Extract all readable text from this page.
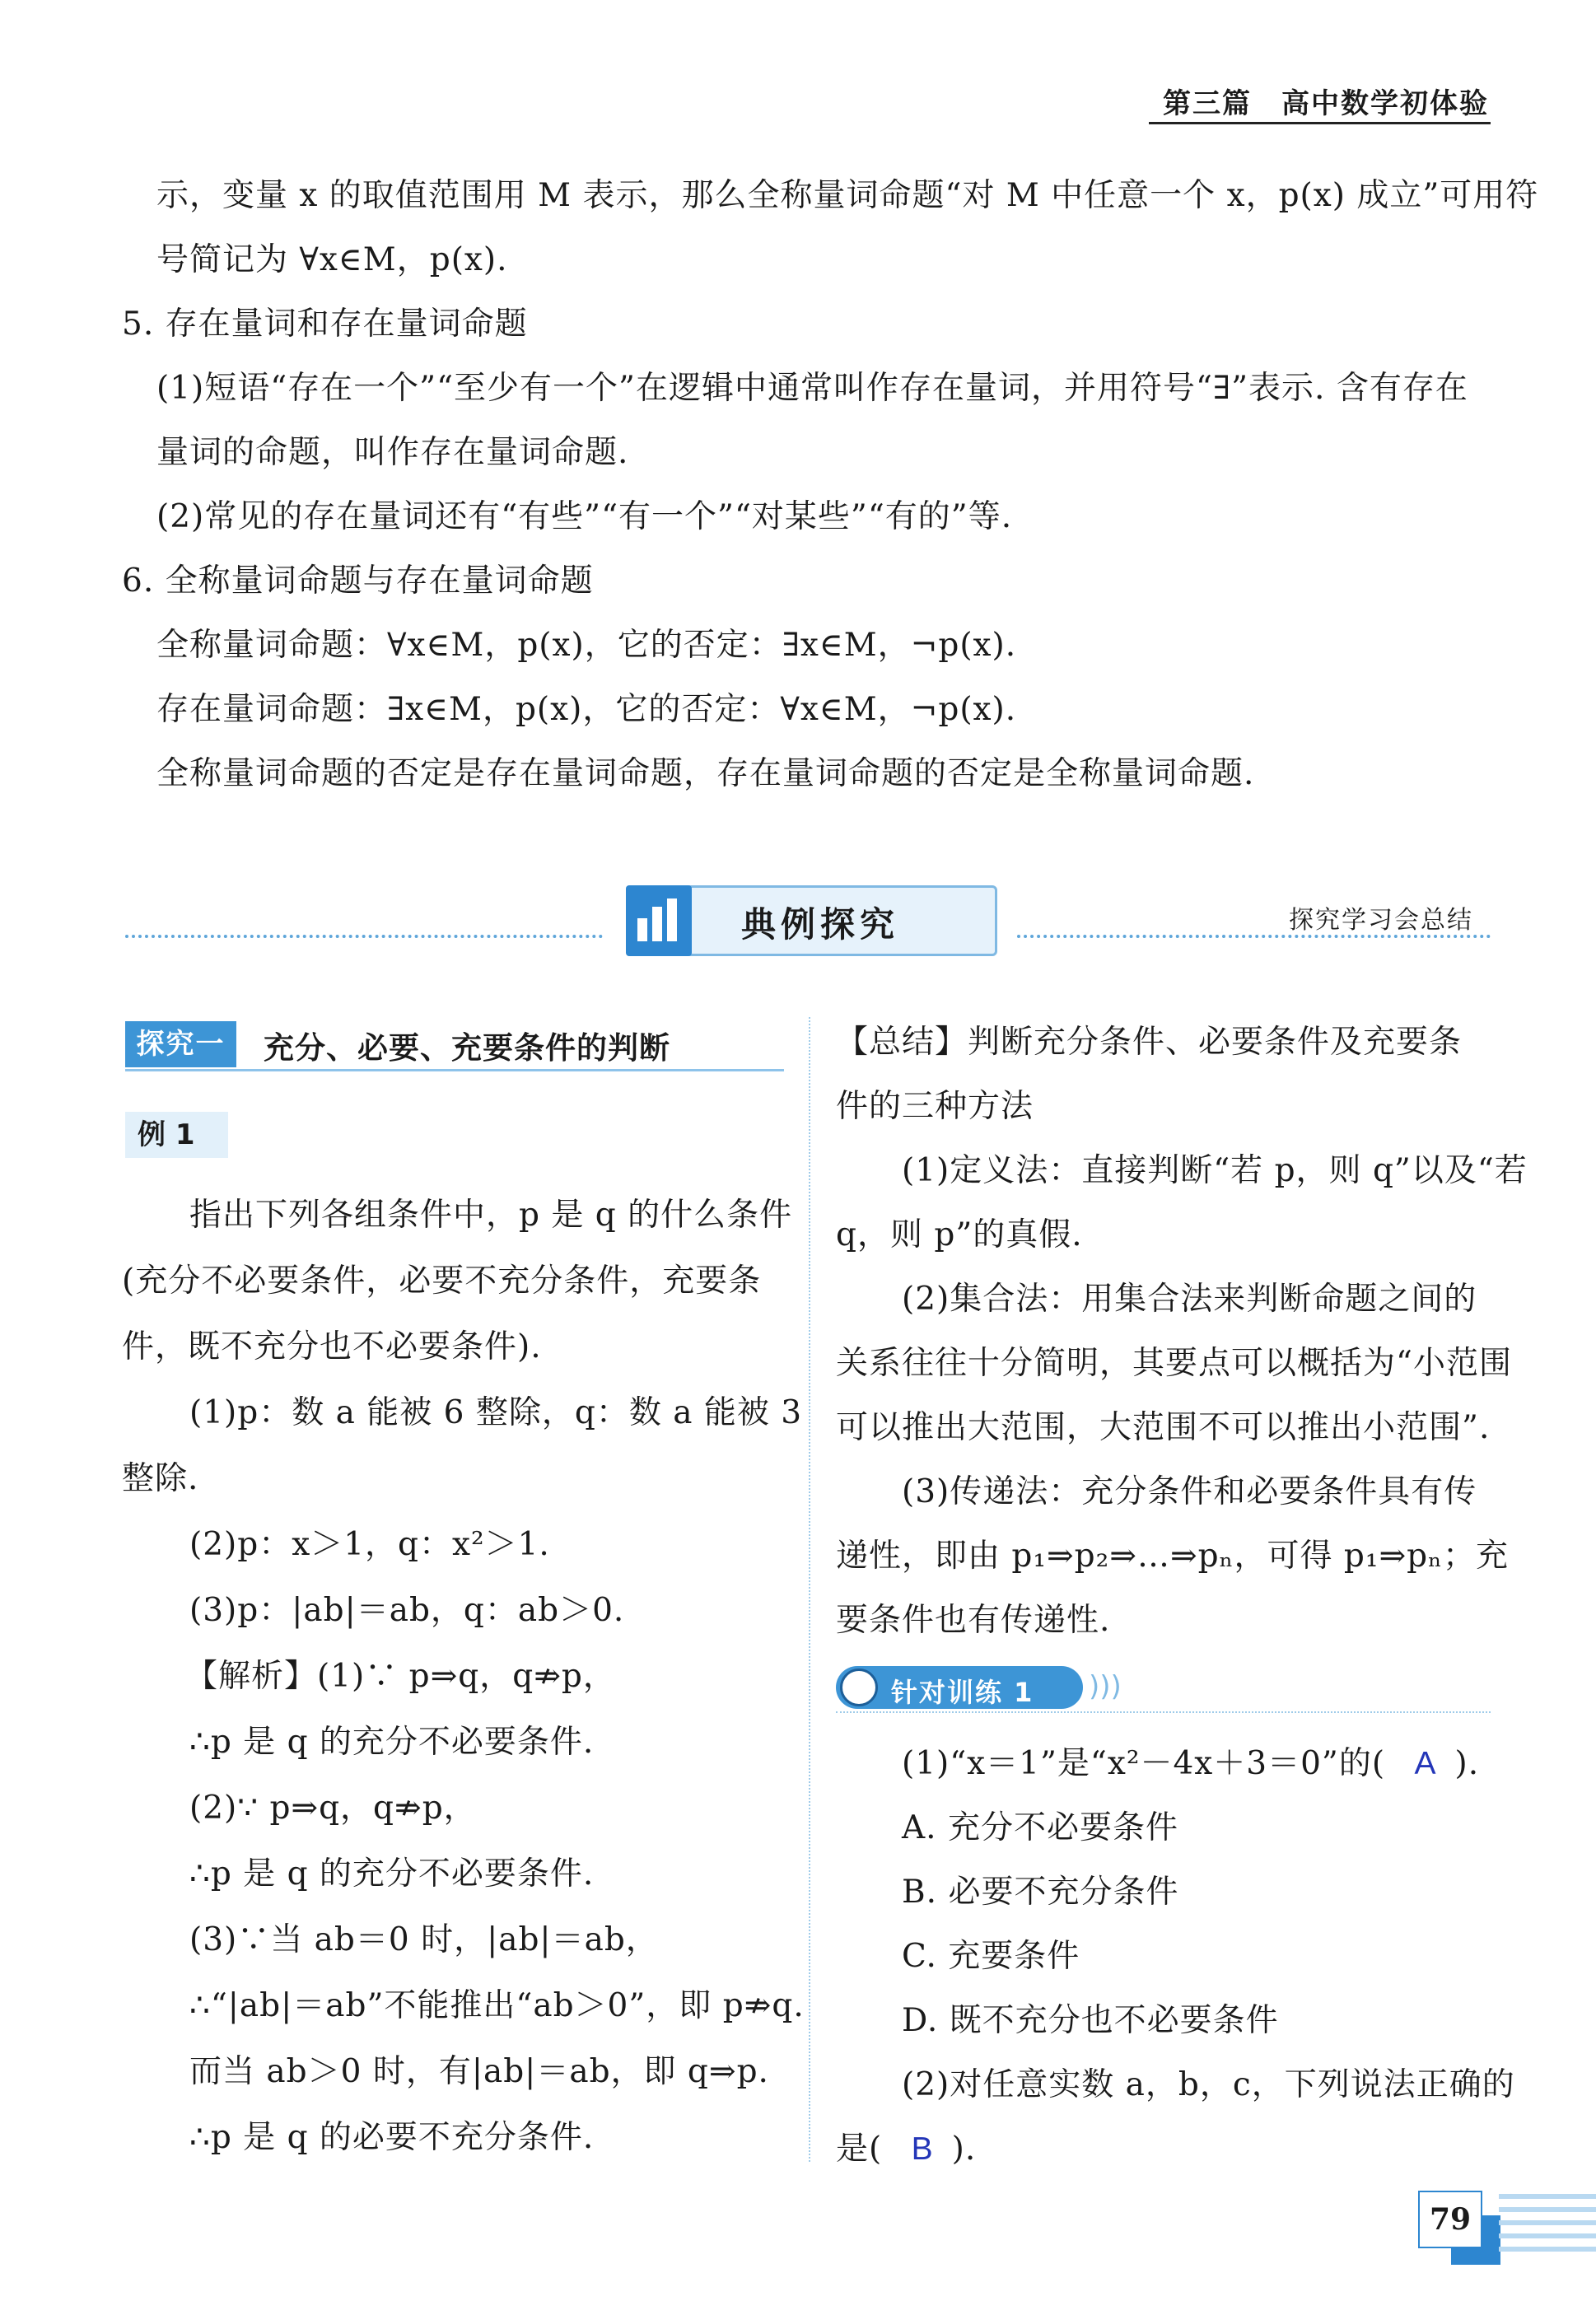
第三篇　高中数学初体验
示，变量 x 的取值范围用 M 表示，那么全称量词命题“对 M 中任意一个 x，p(x) 成立”可用符
号简记为 ∀x∈M，p(x).
5. 存在量词和存在量词命题
(1)短语“存在一个”“至少有一个”在逻辑中通常叫作存在量词，并用符号“∃”表示. 含有存在
量词的命题，叫作存在量词命题.
(2)常见的存在量词还有“有些”“有一个”“对某些”“有的”等.
6. 全称量词命题与存在量词命题
全称量词命题：∀x∈M，p(x)，它的否定：∃x∈M，¬p(x).
存在量词命题：∃x∈M，p(x)，它的否定：∀x∈M，¬p(x).
全称量词命题的否定是存在量词命题，存在量词命题的否定是全称量词命题.
典例探究	探究学习会总结
探究一	充分、必要、充要条件的判断
例 1
指出下列各组条件中，p 是 q 的什么条件
(充分不必要条件，必要不充分条件，充要条
件，既不充分也不必要条件).
(1)p：数 a 能被 6 整除，q：数 a 能被 3
整除.
(2)p：x＞1，q：x²＞1.
(3)p：|ab|＝ab，q：ab＞0.
【解析】(1)∵ p⇒q，q⇏p，
∴p 是 q 的充分不必要条件.
(2)∵ p⇒q，q⇏p，
∴p 是 q 的充分不必要条件.
(3)∵当 ab＝0 时，|ab|＝ab，
∴“|ab|＝ab”不能推出“ab＞0”，即 p⇏q.
而当 ab＞0 时，有|ab|＝ab，即 q⇒p.
∴p 是 q 的必要不充分条件.
【总结】判断充分条件、必要条件及充要条
件的三种方法
(1)定义法：直接判断“若 p，则 q”以及“若
q，则 p”的真假.
(2)集合法：用集合法来判断命题之间的
关系往往十分简明，其要点可以概括为“小范围
可以推出大范围，大范围不可以推出小范围”.
(3)传递法：充分条件和必要条件具有传
递性，即由 p₁⇒p₂⇒…⇒pₙ，可得 p₁⇒pₙ；充
要条件也有传递性.
针对训练 1 )))
(1)“x＝1”是“x²－4x＋3＝0”的( A ).
A. 充分不必要条件
B. 必要不充分条件
C. 充要条件
D. 既不充分也不必要条件
(2)对任意实数 a，b，c，下列说法正确的
是( B ).
79
